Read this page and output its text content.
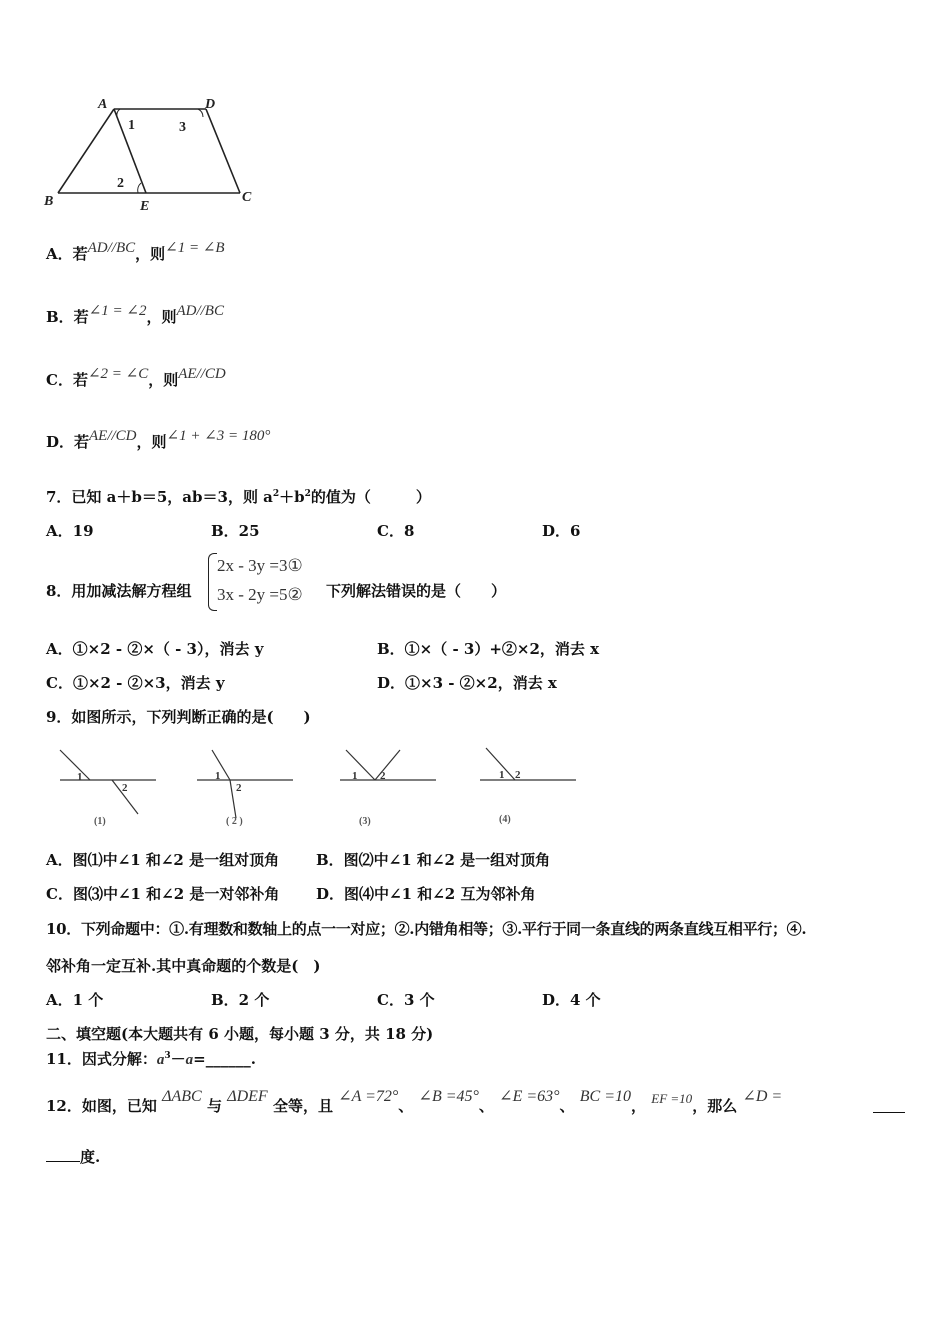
A	D
B	E
C
1
2
3
A．若AD//BC，则∠1 = ∠B
B．若∠1 = ∠2，则AD//BC
C．若∠2 = ∠C，则AE//CD
D．若AE//CD，则∠1 + ∠3 = 180°
7．已知 a＋b＝5，ab＝3，则 $a^2+b^2$的值为（　　　）
A．19	B．25	C．8	D．6
8．用加减法解方程组
2x - 3y =3①
3x - 2y =5② 下列解法错误的是（　　）
A．①×2 - ②×（ - 3），消去 y	B．①×（ - 3）+②×2，消去 x
C．①×2 - ②×3，消去 y	D．①×3 - ②×2，消去 x
9．如图所示，下列判断正确的是(　　)
1
2
1
2
1 2	1 2
(1)	( 2 )	(3)	(4)
A．图⑴中∠1 和∠2 是一组对顶角 B．图⑵中∠1 和∠2 是一组对顶角
C．图⑶中∠1 和∠2 是一对邻补角 D．图⑷中∠1 和∠2 互为邻补角
10．下列命题中：①.有理数和数轴上的点一一对应；②.内错角相等；③.平行于同一条直线的两条直线互相平行；④.
邻补角一定互补.其中真命题的个数是(　)
A．1 个	B．2 个	C．3 个	D．4 个
二、填空题(本大题共有 6 小题，每小题 3 分，共 18 分)
11．因式分解：$a^3-a=\_\_\_\_\_\_$.
12．如图，已知 ΔABC 与 ΔDEF 全等，且 ∠A =72°、 ∠B =45°、 ∠E =63°、 BC =10， EF =10，那么 ∠D =
度.
